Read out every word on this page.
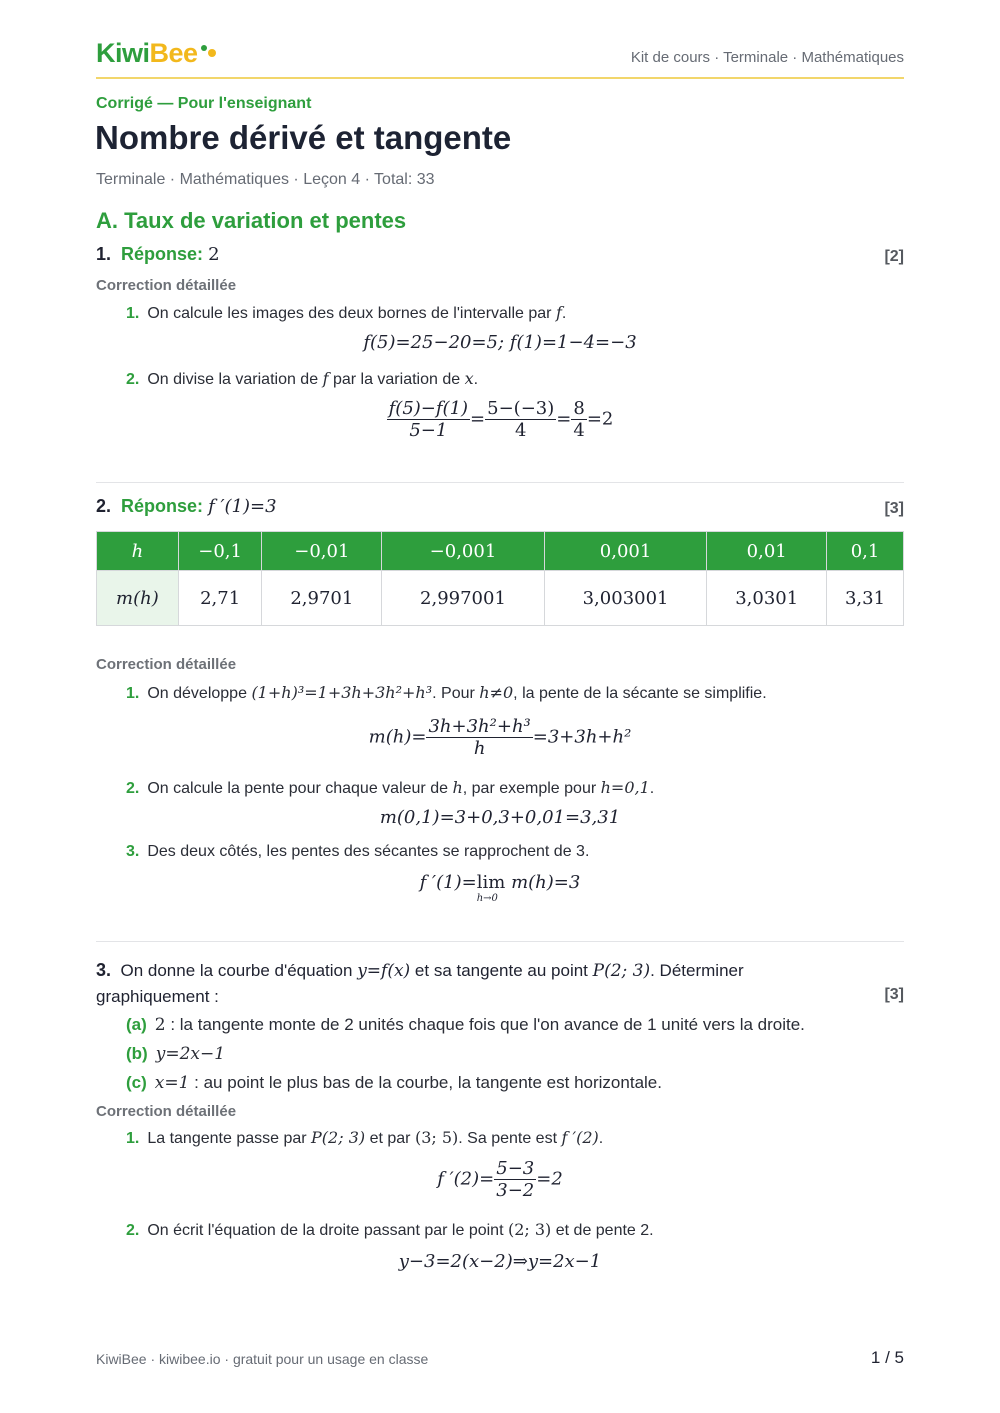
KiwiBee	Kit de cours · Terminale · Mathématiques
Corrigé — Pour l'enseignant
Nombre dérivé et tangente
Terminale · Mathématiques · Leçon 4 · Total: 33
A. Taux de variation et pentes
1. Réponse: 2	[2]
Correction détaillée
1. On calcule les images des deux bornes de l'intervalle par f.
f(5)=25−20=5; f(1)=1−4=−3
2. On divise la variation de f par la variation de x.
$\frac{f(5)-f(1)}{5-1} = \frac{5-(-3)}{4} = \frac{8}{4} =2$
2. Réponse: f ′(1)=3	[3]
h	−0,1	−0,01	−0,001	0,001	0,01	0,1
m(h)	2,71	2,9701	2,997001	3,003001	3,0301	3,31
Correction détaillée
1. On développe (1+h)³=1+3h+3h²+h³. Pour h≠0, la pente de la sécante se simplifie.
$m(h)= \frac{\text{3h+3h²+h³}}{h} =3+3h+h^2$
2. On calcule la pente pour chaque valeur de h, par exemple pour h=0,1.
m(0,1)=3+0,3+0,01=3,31
3. Des deux côtés, les pentes des sécantes se rapprochent de 3.
f ′(1)=lim
h→0
m(h)=3
3. On donne la courbe d'équation y=f(x) et sa tangente au point P(2; 3). Déterminer
graphiquement :	[3]
(a) 2 : la tangente monte de 2 unités chaque fois que l'on avance de 1 unité vers la droite.
(b) y=2x−1
(c) x=1 : au point le plus bas de la courbe, la tangente est horizontale.
Correction détaillée
1. La tangente passe par P(2; 3) et par (3; 5). Sa pente est f ′(2).
f $'(2)= \frac{5-3}{3-2} =2$
2. On écrit l'équation de la droite passant par le point (2; 3) et de pente 2.
y−3=2(x−2)⇒y=2x−1
KiwiBee · kiwibee.io · gratuit pour un usage en classe	1 / 5
